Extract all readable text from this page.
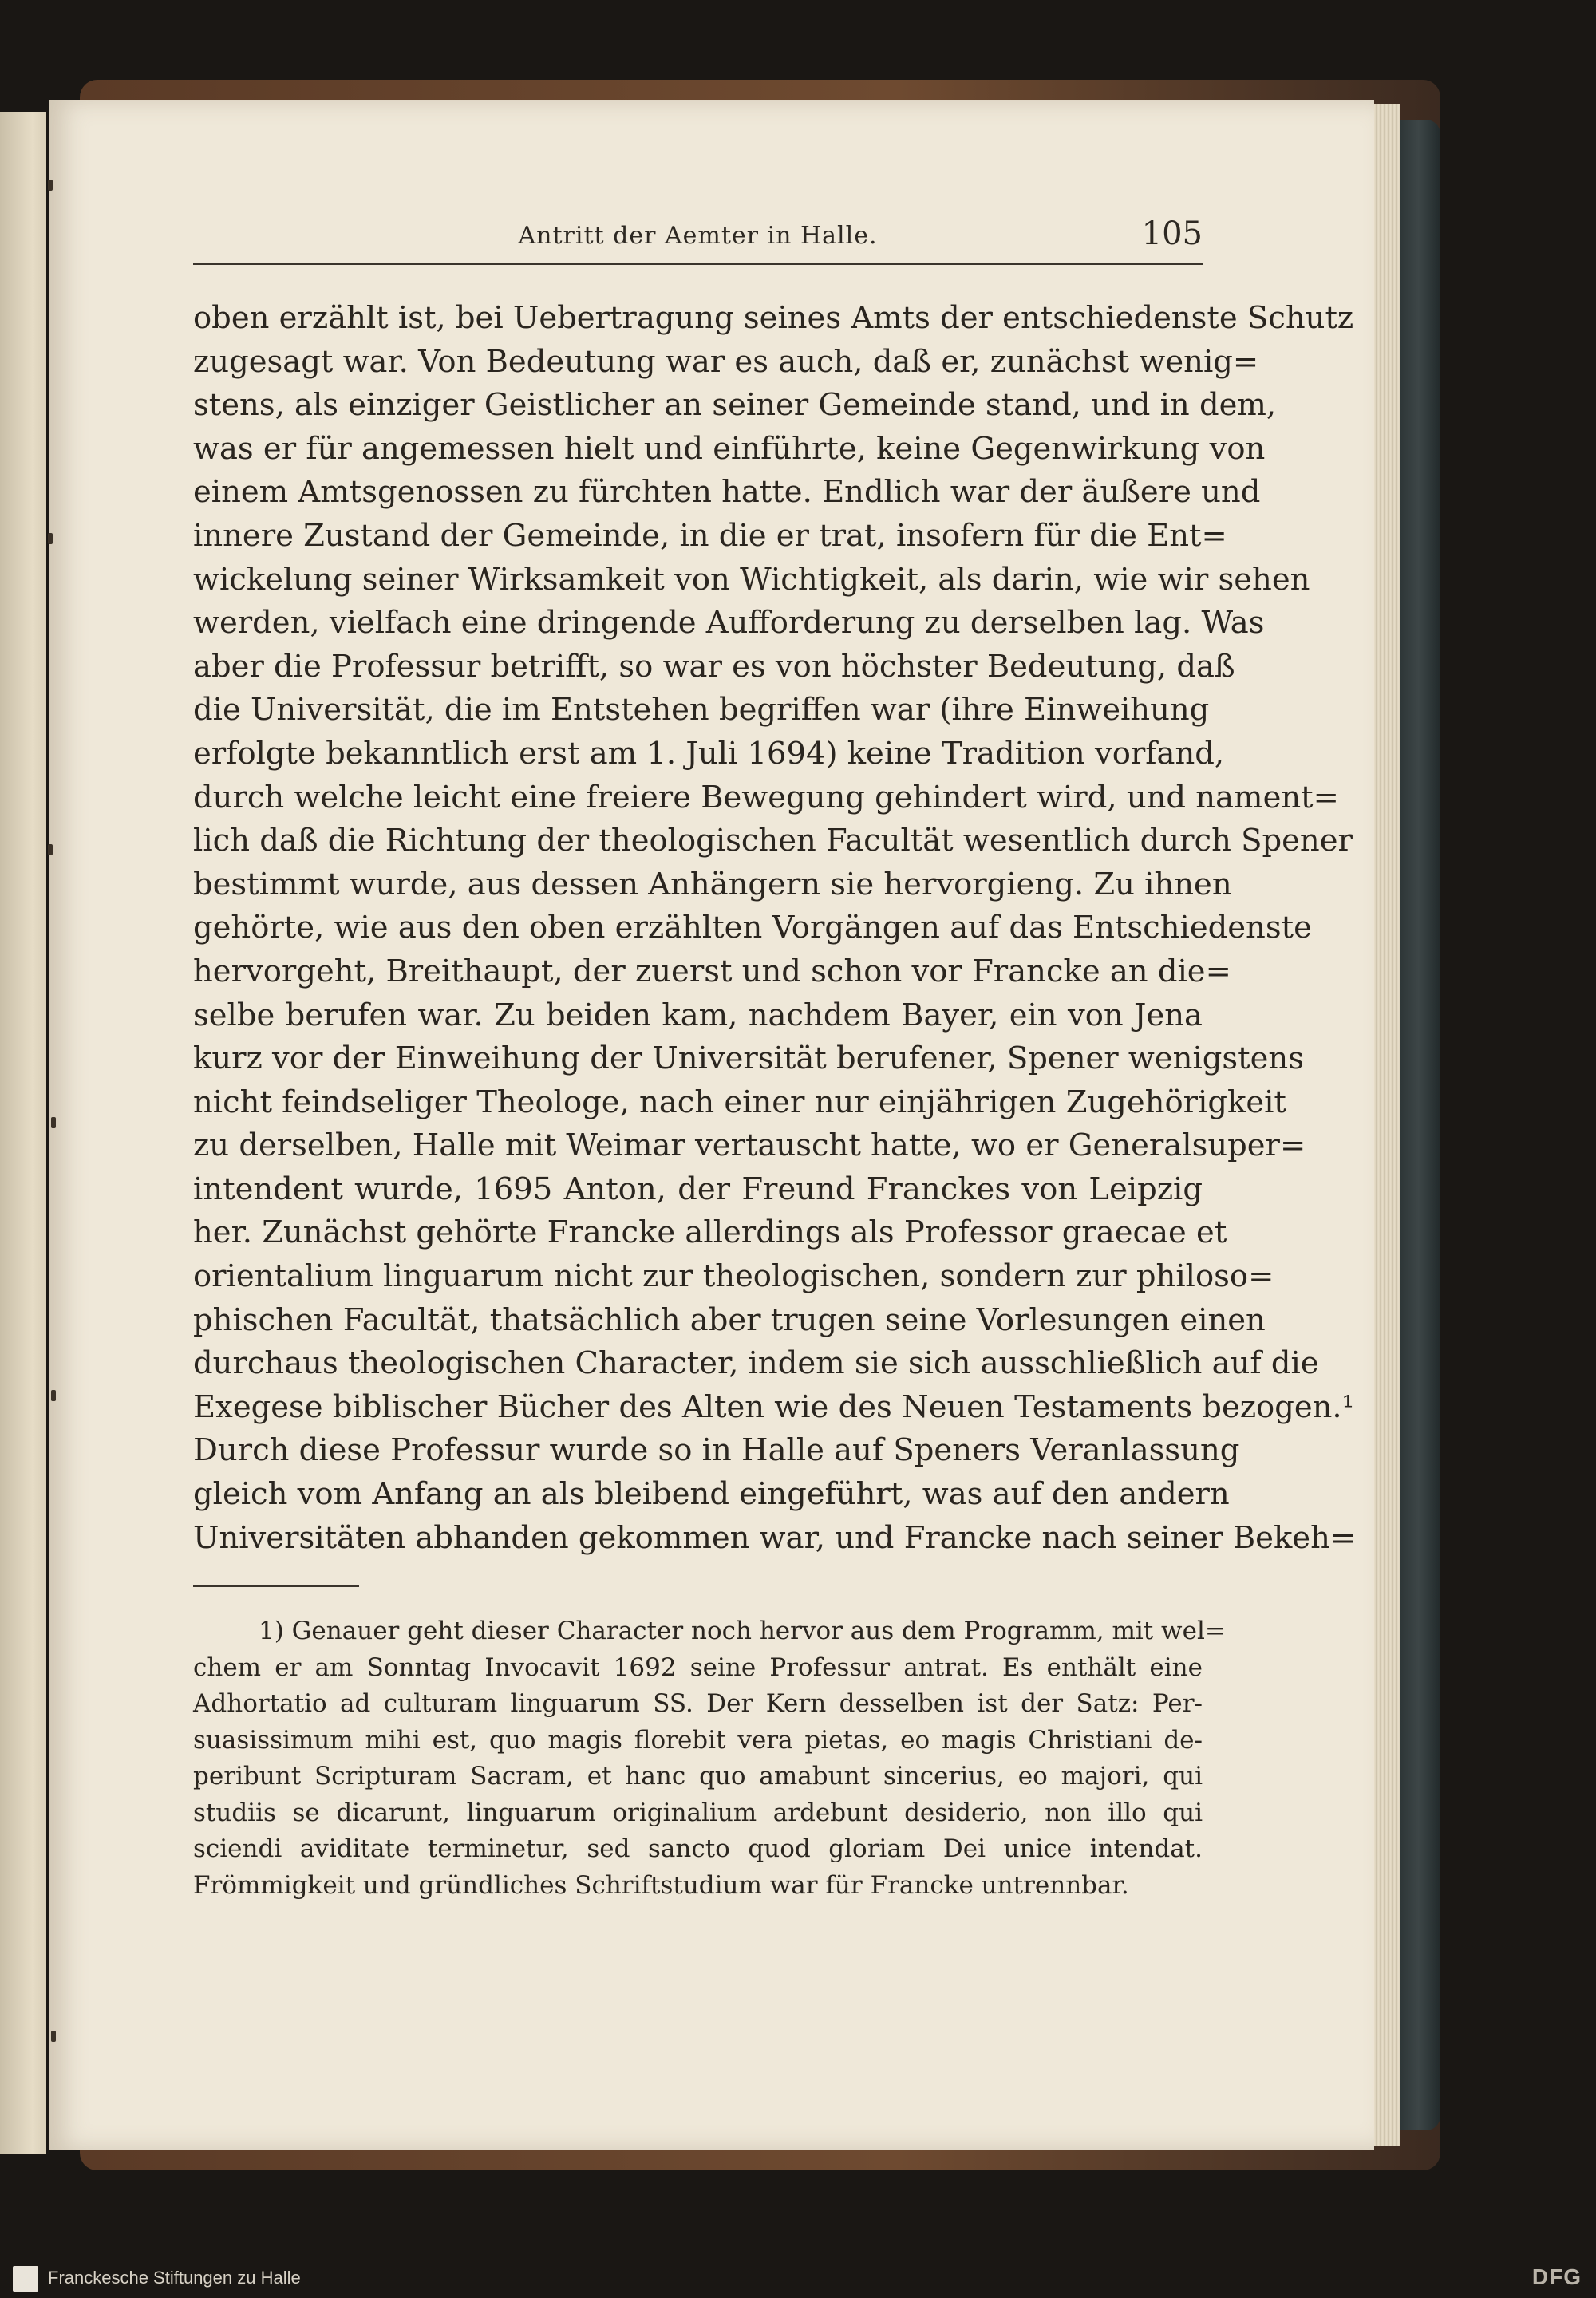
Antritt der Aemter in Halle.	105
oben erzählt ist, bei Uebertragung seines Amts der entschiedenste Schutz
zugesagt war. Von Bedeutung war es auch, daß er, zunächst wenig=
stens, als einziger Geistlicher an seiner Gemeinde stand, und in dem,
was er für angemessen hielt und einführte, keine Gegenwirkung von
einem Amtsgenossen zu fürchten hatte. Endlich war der äußere und
innere Zustand der Gemeinde, in die er trat, insofern für die Ent=
wickelung seiner Wirksamkeit von Wichtigkeit, als darin, wie wir sehen
werden, vielfach eine dringende Aufforderung zu derselben lag. Was
aber die Professur betrifft, so war es von höchster Bedeutung, daß
die Universität, die im Entstehen begriffen war (ihre Einweihung
erfolgte bekanntlich erst am 1. Juli 1694) keine Tradition vorfand,
durch welche leicht eine freiere Bewegung gehindert wird, und nament=
lich daß die Richtung der theologischen Facultät wesentlich durch Spener
bestimmt wurde, aus dessen Anhängern sie hervorgieng. Zu ihnen
gehörte, wie aus den oben erzählten Vorgängen auf das Entschiedenste
hervorgeht, Breithaupt, der zuerst und schon vor Francke an die=
selbe berufen war. Zu beiden kam, nachdem Bayer, ein von Jena
kurz vor der Einweihung der Universität berufener, Spener wenigstens
nicht feindseliger Theologe, nach einer nur einjährigen Zugehörigkeit
zu derselben, Halle mit Weimar vertauscht hatte, wo er Generalsuper=
intendent wurde, 1695 Anton, der Freund Franckes von Leipzig
her. Zunächst gehörte Francke allerdings als Professor graecae et
orientalium linguarum nicht zur theologischen, sondern zur philoso=
phischen Facultät, thatsächlich aber trugen seine Vorlesungen einen
durchaus theologischen Character, indem sie sich ausschließlich auf die
Exegese biblischer Bücher des Alten wie des Neuen Testaments bezogen.¹
Durch diese Professur wurde so in Halle auf Speners Veranlassung
gleich vom Anfang an als bleibend eingeführt, was auf den andern
Universitäten abhanden gekommen war, und Francke nach seiner Bekeh=
1) Genauer geht dieser Character noch hervor aus dem Programm, mit wel=
chem er am Sonntag Invocavit 1692 seine Professur antrat. Es enthält eine
Adhortatio ad culturam linguarum SS. Der Kern desselben ist der Satz: Per-
suasissimum mihi est, quo magis florebit vera pietas, eo magis Christiani de-
peribunt Scripturam Sacram, et hanc quo amabunt sincerius, eo majori, qui
studiis se dicarunt, linguarum originalium ardebunt desiderio, non illo qui
sciendi aviditate terminetur, sed sancto quod gloriam Dei unice intendat.
Frömmigkeit und gründliches Schriftstudium war für Francke untrennbar.
Franckesche Stiftungen zu Halle	DFG
